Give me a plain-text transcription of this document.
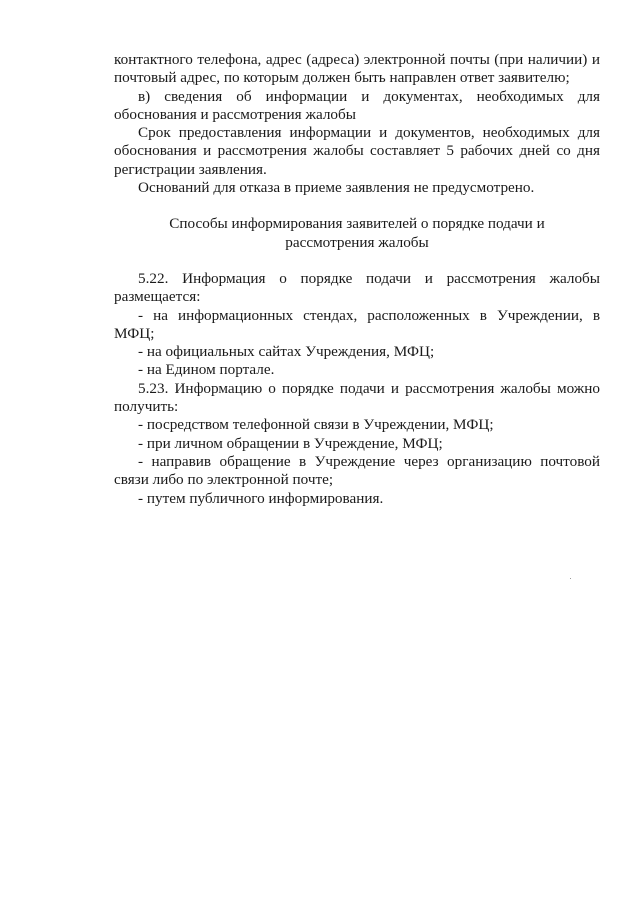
контактного телефона, адрес (адреса) электронной почты (при наличии) и почтовый адрес, по которым должен быть направлен ответ заявителю;

в) сведения об информации и документах, необходимых для обоснования и рассмотрения жалобы

Срок предоставления информации и документов, необходимых для обоснования и рассмотрения жалобы составляет 5 рабочих дней со дня регистрации заявления.

Оснований для отказа в приеме заявления не предусмотрено.

Способы информирования заявителей о порядке подачи и
рассмотрения жалобы

5.22. Информация о порядке подачи и рассмотрения жалобы размещается:

- на информационных стендах, расположенных в Учреждении, в МФЦ;

- на официальных сайтах Учреждения, МФЦ;

- на Едином портале.

5.23. Информацию о порядке подачи и рассмотрения жалобы можно получить:

- посредством телефонной связи в Учреждении, МФЦ;

- при личном обращении в Учреждение, МФЦ;

- направив обращение в Учреждение через организацию почтовой связи либо по электронной почте;

- путем публичного информирования.
